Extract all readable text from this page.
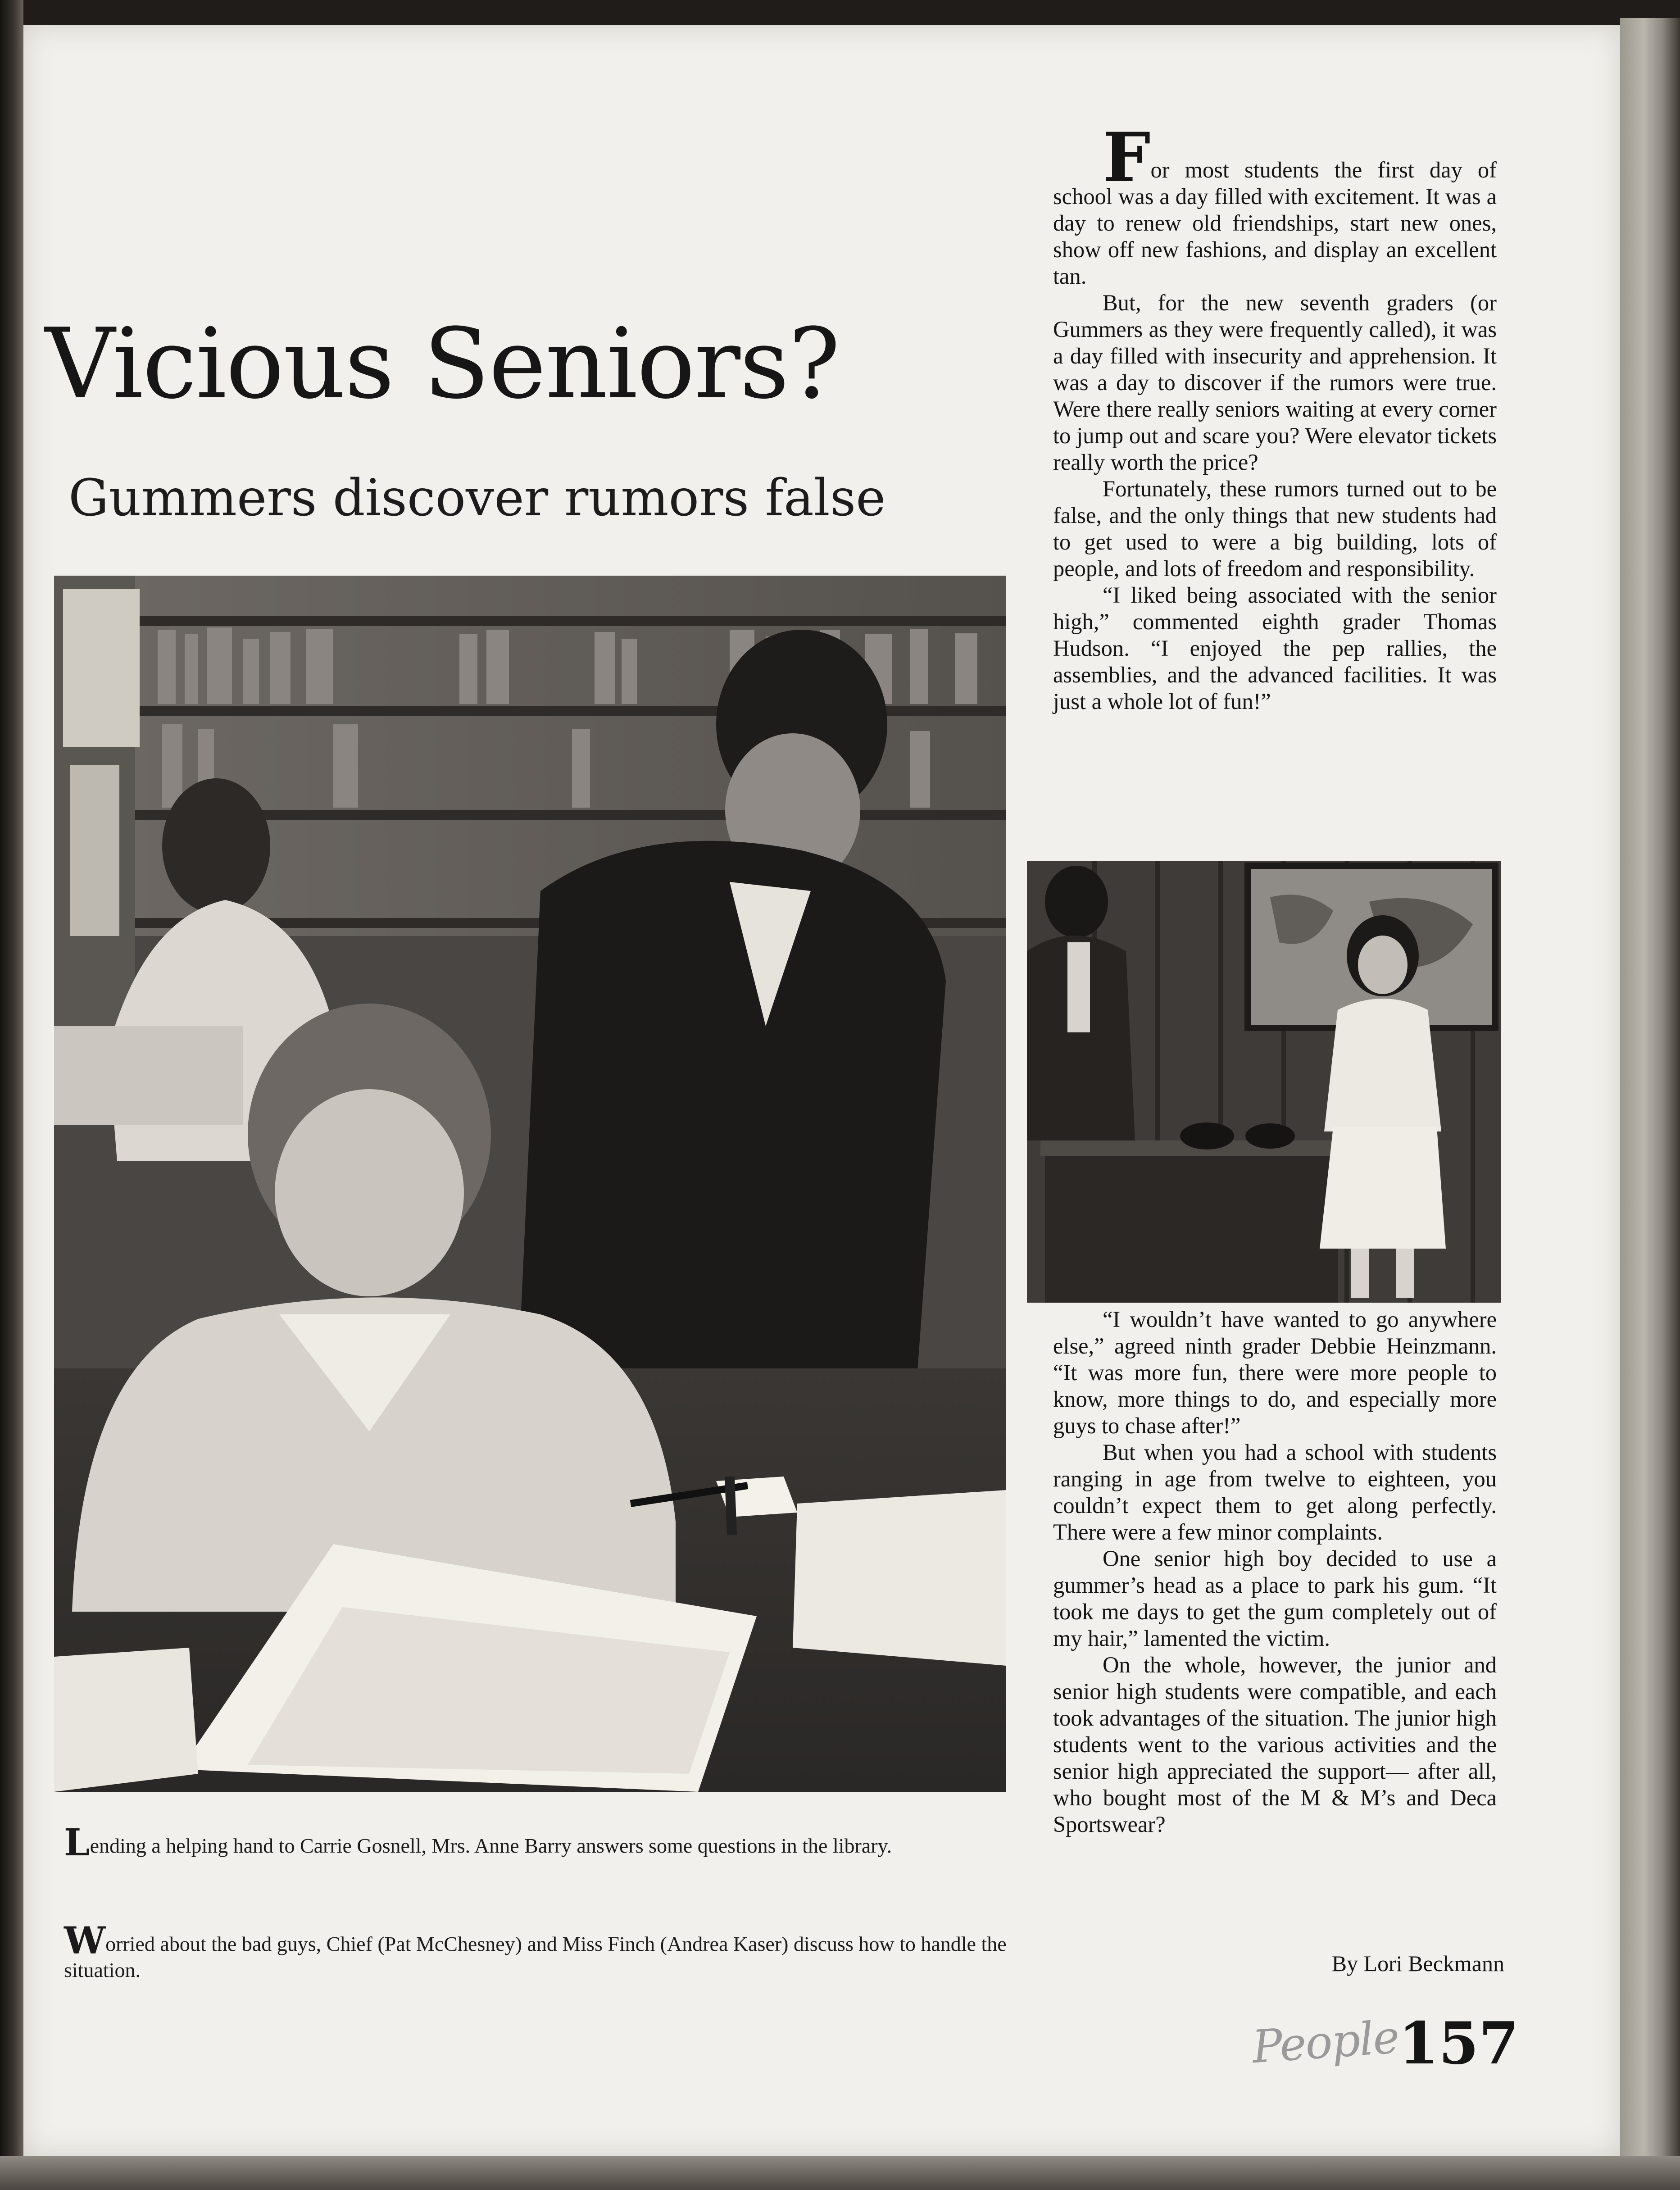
Vicious Seniors?
Gummers discover rumors false
Lending a helping hand to Carrie Gosnell, Mrs. Anne Barry answers some questions in the library.
Worried about the bad guys, Chief (Pat McChesney) and Miss Finch (Andrea Kaser) discuss how to handle the situation.

For most students the first day of school was a day filled with excitement. It was a day to renew old friendships, start new ones, show off new fashions, and display an excellent tan.

But, for the new seventh graders (or Gummers as they were frequently called), it was a day filled with insecurity and apprehension. It was a day to discover if the rumors were true. Were there really seniors waiting at every corner to jump out and scare you? Were elevator tickets really worth the price?

Fortunately, these rumors turned out to be false, and the only things that new students had to get used to were a big building, lots of people, and lots of freedom and responsibility.

“I liked being associated with the senior high,” commented eighth grader Thomas Hudson. “I enjoyed the pep rallies, the assemblies, and the advanced facilities. It was just a whole lot of fun!”

“I wouldn’t have wanted to go anywhere else,” agreed ninth grader Debbie Heinzmann. “It was more fun, there were more people to know, more things to do, and especially more guys to chase after!”

But when you had a school with students ranging in age from twelve to eighteen, you couldn’t expect them to get along perfectly. There were a few minor complaints.

One senior high boy decided to use a gummer’s head as a place to park his gum. “It took me days to get the gum completely out of my hair,” lamented the victim.

On the whole, however, the junior and senior high students were compatible, and each took advantages of the situation. The junior high students went to the various activities and the senior high appreciated the support— after all, who bought most of the M & M’s and Deca Sportswear?

By Lori Beckmann
People
157
